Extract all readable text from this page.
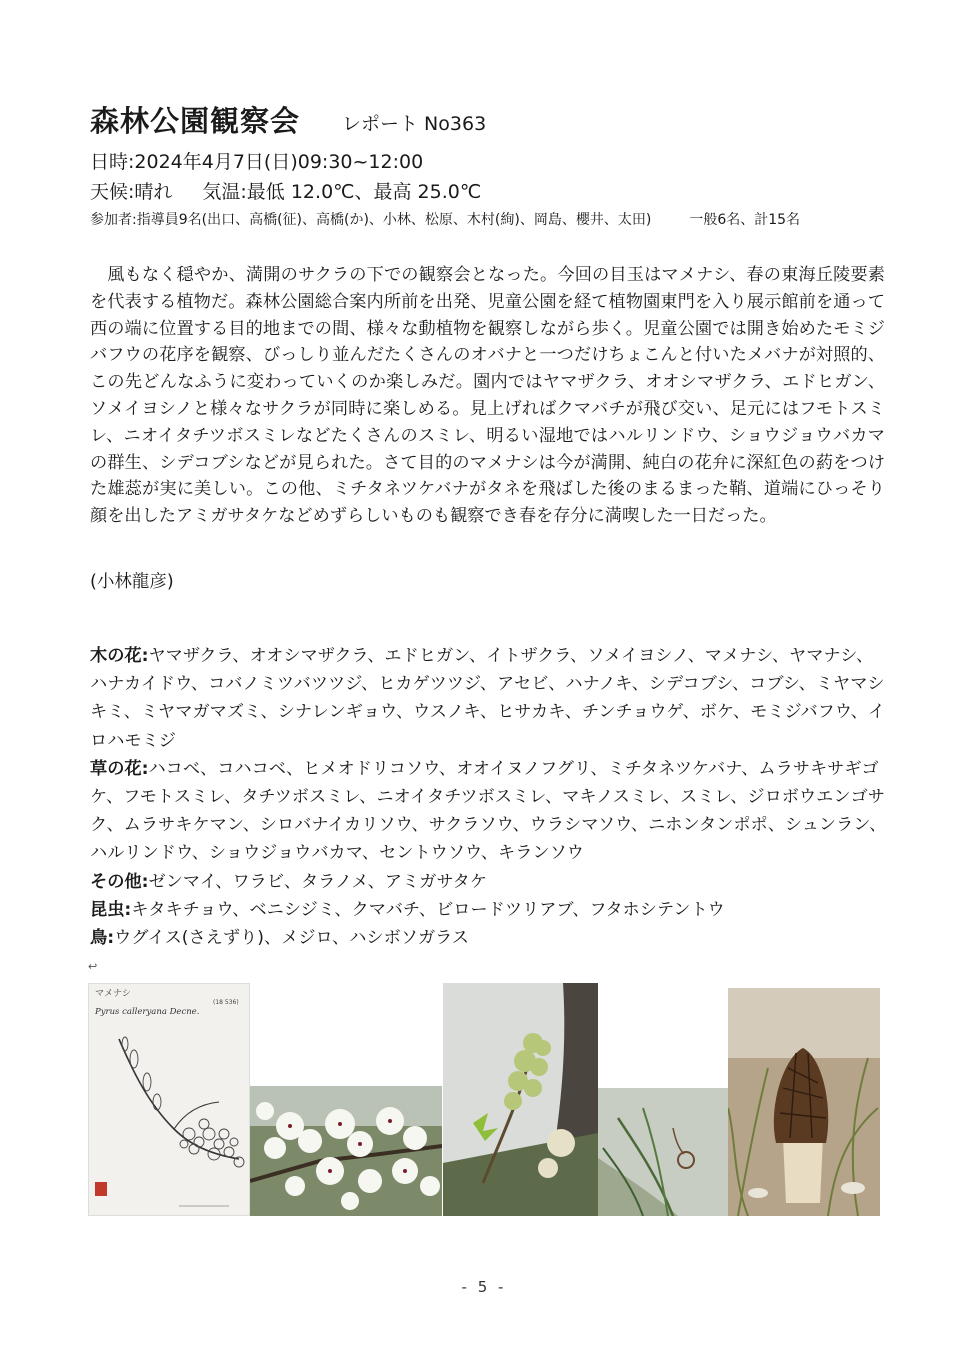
森林公園観察会 レポート No363
日時:2024年4月7日(日)09:30~12:00
天候:晴れ 気温:最低 12.0℃、最高 25.0℃
参加者:指導員9名(出口、高橋(征)、高橋(か)、小林、松原、木村(絢)、岡島、櫻井、太田)	一般6名、計15名
風もなく穏やか、満開のサクラの下での観察会となった。今回の目玉はマメナシ、春の東海丘陵要素を代表する植物だ。森林公園総合案内所前を出発、児童公園を経て植物園東門を入り展示館前を通って西の端に位置する目的地までの間、様々な動植物を観察しながら歩く。児童公園では開き始めたモミジバフウの花序を観察、びっしり並んだたくさんのオバナと一つだけちょこんと付いたメバナが対照的、この先どんなふうに変わっていくのか楽しみだ。園内ではヤマザクラ、オオシマザクラ、エドヒガン、ソメイヨシノと様々なサクラが同時に楽しめる。見上げればクマバチが飛び交い、足元にはフモトスミレ、ニオイタチツボスミレなどたくさんのスミレ、明るい湿地ではハルリンドウ、ショウジョウバカマの群生、シデコブシなどが見られた。さて目的のマメナシは今が満開、純白の花弁に深紅色の葯をつけた雄蕊が実に美しい。この他、ミチタネツケバナがタネを飛ばした後のまるまった鞘、道端にひっそり顔を出したアミガサタケなどめずらしいものも観察でき春を存分に満喫した一日だった。
(小林龍彦)

木の花:ヤマザクラ、オオシマザクラ、エドヒガン、イトザクラ、ソメイヨシノ、マメナシ、ヤマナシ、ハナカイドウ、コバノミツバツツジ、ヒカゲツツジ、アセビ、ハナノキ、シデコブシ、コブシ、ミヤマシキミ、ミヤマガマズミ、シナレンギョウ、ウスノキ、ヒサカキ、チンチョウゲ、ボケ、モミジバフウ、イロハモミジ

草の花:ハコベ、コハコベ、ヒメオドリコソウ、オオイヌノフグリ、ミチタネツケバナ、ムラサキサギゴケ、フモトスミレ、タチツボスミレ、ニオイタチツボスミレ、マキノスミレ、スミレ、ジロボウエンゴサク、ムラサキケマン、シロバナイカリソウ、サクラソウ、ウラシマソウ、ニホンタンポポ、シュンラン、ハルリンドウ、ショウジョウバカマ、セントウソウ、キランソウ

その他:ゼンマイ、ワラビ、タラノメ、アミガサタケ

昆虫:キタキチョウ、ベニシジミ、クマバチ、ビロードツリアブ、フタホシテントウ

鳥:ウグイス(さえずり)、メジロ、ハシボソガラス

↩
マメナシ
(18 536)
Pyrus calleryana Decne.
- 5 -
